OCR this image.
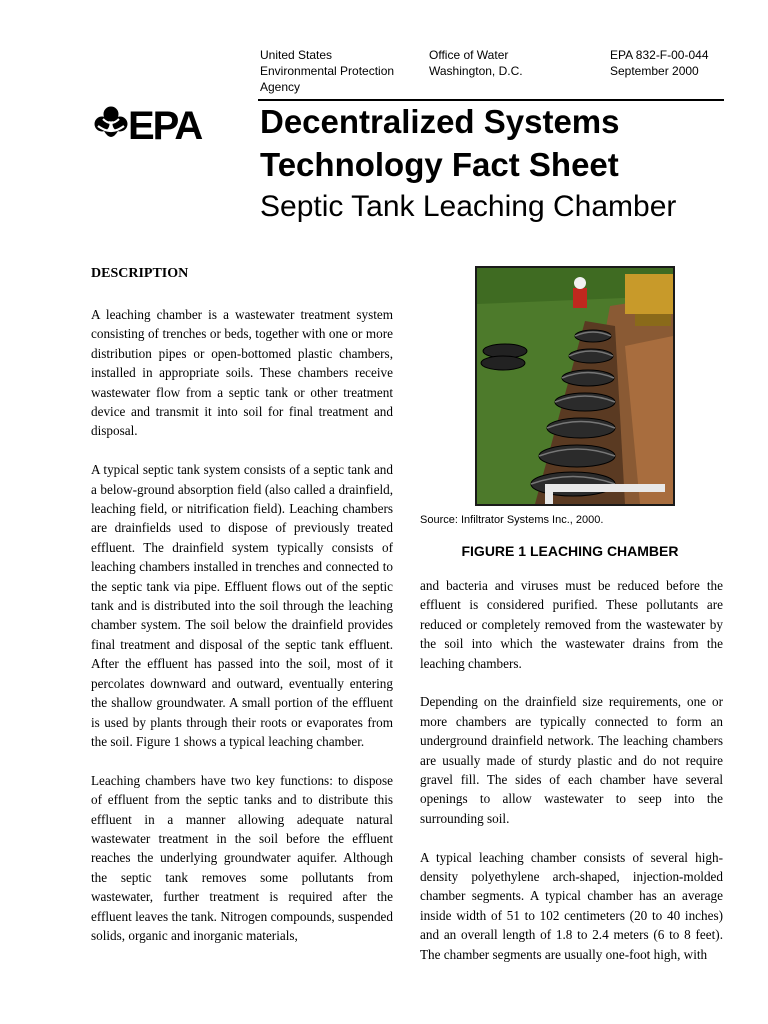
United States
Environmental Protection
Agency
Office of Water
Washington, D.C.
EPA 832-F-00-044
September 2000
EPA Decentralized Systems
Technology Fact Sheet
Septic Tank Leaching Chamber
DESCRIPTION

A leaching chamber is a wastewater treatment system consisting of trenches or beds, together with one or more distribution pipes or open-bottomed plastic chambers, installed in appropriate soils. These chambers receive wastewater flow from a septic tank or other treatment device and transmit it into soil for final treatment and disposal.

A typical septic tank system consists of a septic tank and a below-ground absorption field (also called a drainfield, leaching field, or nitrification field). Leaching chambers are drainfields used to dispose of previously treated effluent. The drainfield system typically consists of leaching chambers installed in trenches and connected to the septic tank via pipe. Effluent flows out of the septic tank and is distributed into the soil through the leaching chamber system. The soil below the drainfield provides final treatment and disposal of the septic tank effluent. After the effluent has passed into the soil, most of it percolates downward and outward, eventually entering the shallow groundwater. A small portion of the effluent is used by plants through their roots or evaporates from the soil. Figure 1 shows a typical leaching chamber.

Leaching chambers have two key functions: to dispose of effluent from the septic tanks and to distribute this effluent in a manner allowing adequate natural wastewater treatment in the soil before the effluent reaches the underlying groundwater aquifer. Although the septic tank removes some pollutants from wastewater, further treatment is required after the effluent leaves the tank. Nitrogen compounds, suspended solids, organic and inorganic materials,

Source: Infiltrator Systems Inc., 2000.
FIGURE 1 LEACHING CHAMBER

and bacteria and viruses must be reduced before the effluent is considered purified. These pollutants are reduced or completely removed from the wastewater by the soil into which the wastewater drains from the leaching chambers.

Depending on the drainfield size requirements, one or more chambers are typically connected to form an underground drainfield network. The leaching chambers are usually made of sturdy plastic and do not require gravel fill. The sides of each chamber have several openings to allow wastewater to seep into the surrounding soil.

A typical leaching chamber consists of several high-density polyethylene arch-shaped, injection-molded chamber segments. A typical chamber has an average inside width of 51 to 102 centimeters (20 to 40 inches) and an overall length of 1.8 to 2.4 meters (6 to 8 feet). The chamber segments are usually one-foot high, with
